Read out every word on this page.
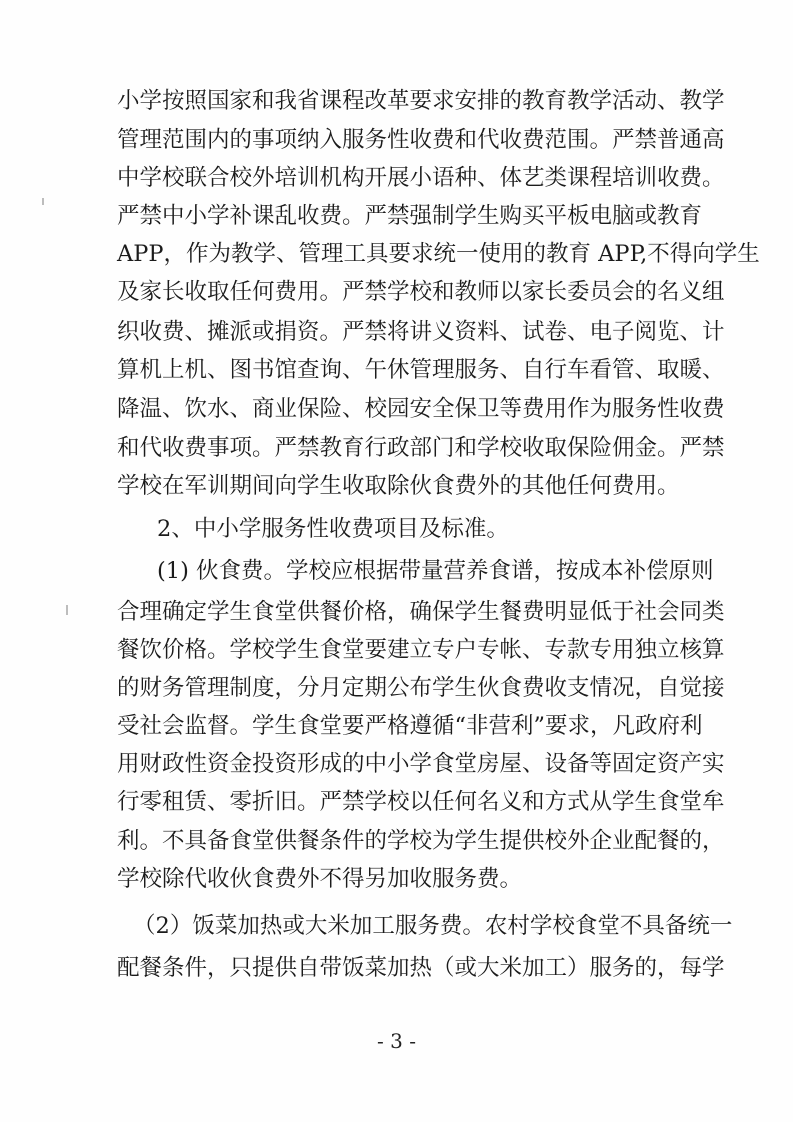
小学按照国家和我省课程改革要求安排的教育教学活动、教学
管理范围内的事项纳入服务性收费和代收费范围。严禁普通高
中学校联合校外培训机构开展小语种、体艺类课程培训收费。
严禁中小学补课乱收费。严禁强制学生购买平板电脑或教育
APP，作为教学、管理工具要求统一使用的教育 APP,不得向学生
及家长收取任何费用。严禁学校和教师以家长委员会的名义组
织收费、摊派或捐资。严禁将讲义资料、试卷、电子阅览、计
算机上机、图书馆查询、午休管理服务、自行车看管、取暖、
降温、饮水、商业保险、校园安全保卫等费用作为服务性收费
和代收费事项。严禁教育行政部门和学校收取保险佣金。严禁
学校在军训期间向学生收取除伙食费外的其他任何费用。
2、中小学服务性收费项目及标准。
(1) 伙食费。学校应根据带量营养食谱，按成本补偿原则
合理确定学生食堂供餐价格，确保学生餐费明显低于社会同类
餐饮价格。学校学生食堂要建立专户专帐、专款专用独立核算
的财务管理制度，分月定期公布学生伙食费收支情况，自觉接
受社会监督。学生食堂要严格遵循“非营利”要求，凡政府利
用财政性资金投资形成的中小学食堂房屋、设备等固定资产实
行零租赁、零折旧。严禁学校以任何名义和方式从学生食堂牟
利。不具备食堂供餐条件的学校为学生提供校外企业配餐的，
学校除代收伙食费外不得另加收服务费。
（2）饭菜加热或大米加工服务费。农村学校食堂不具备统一
配餐条件，只提供自带饭菜加热（或大米加工）服务的，每学
- 3 -
